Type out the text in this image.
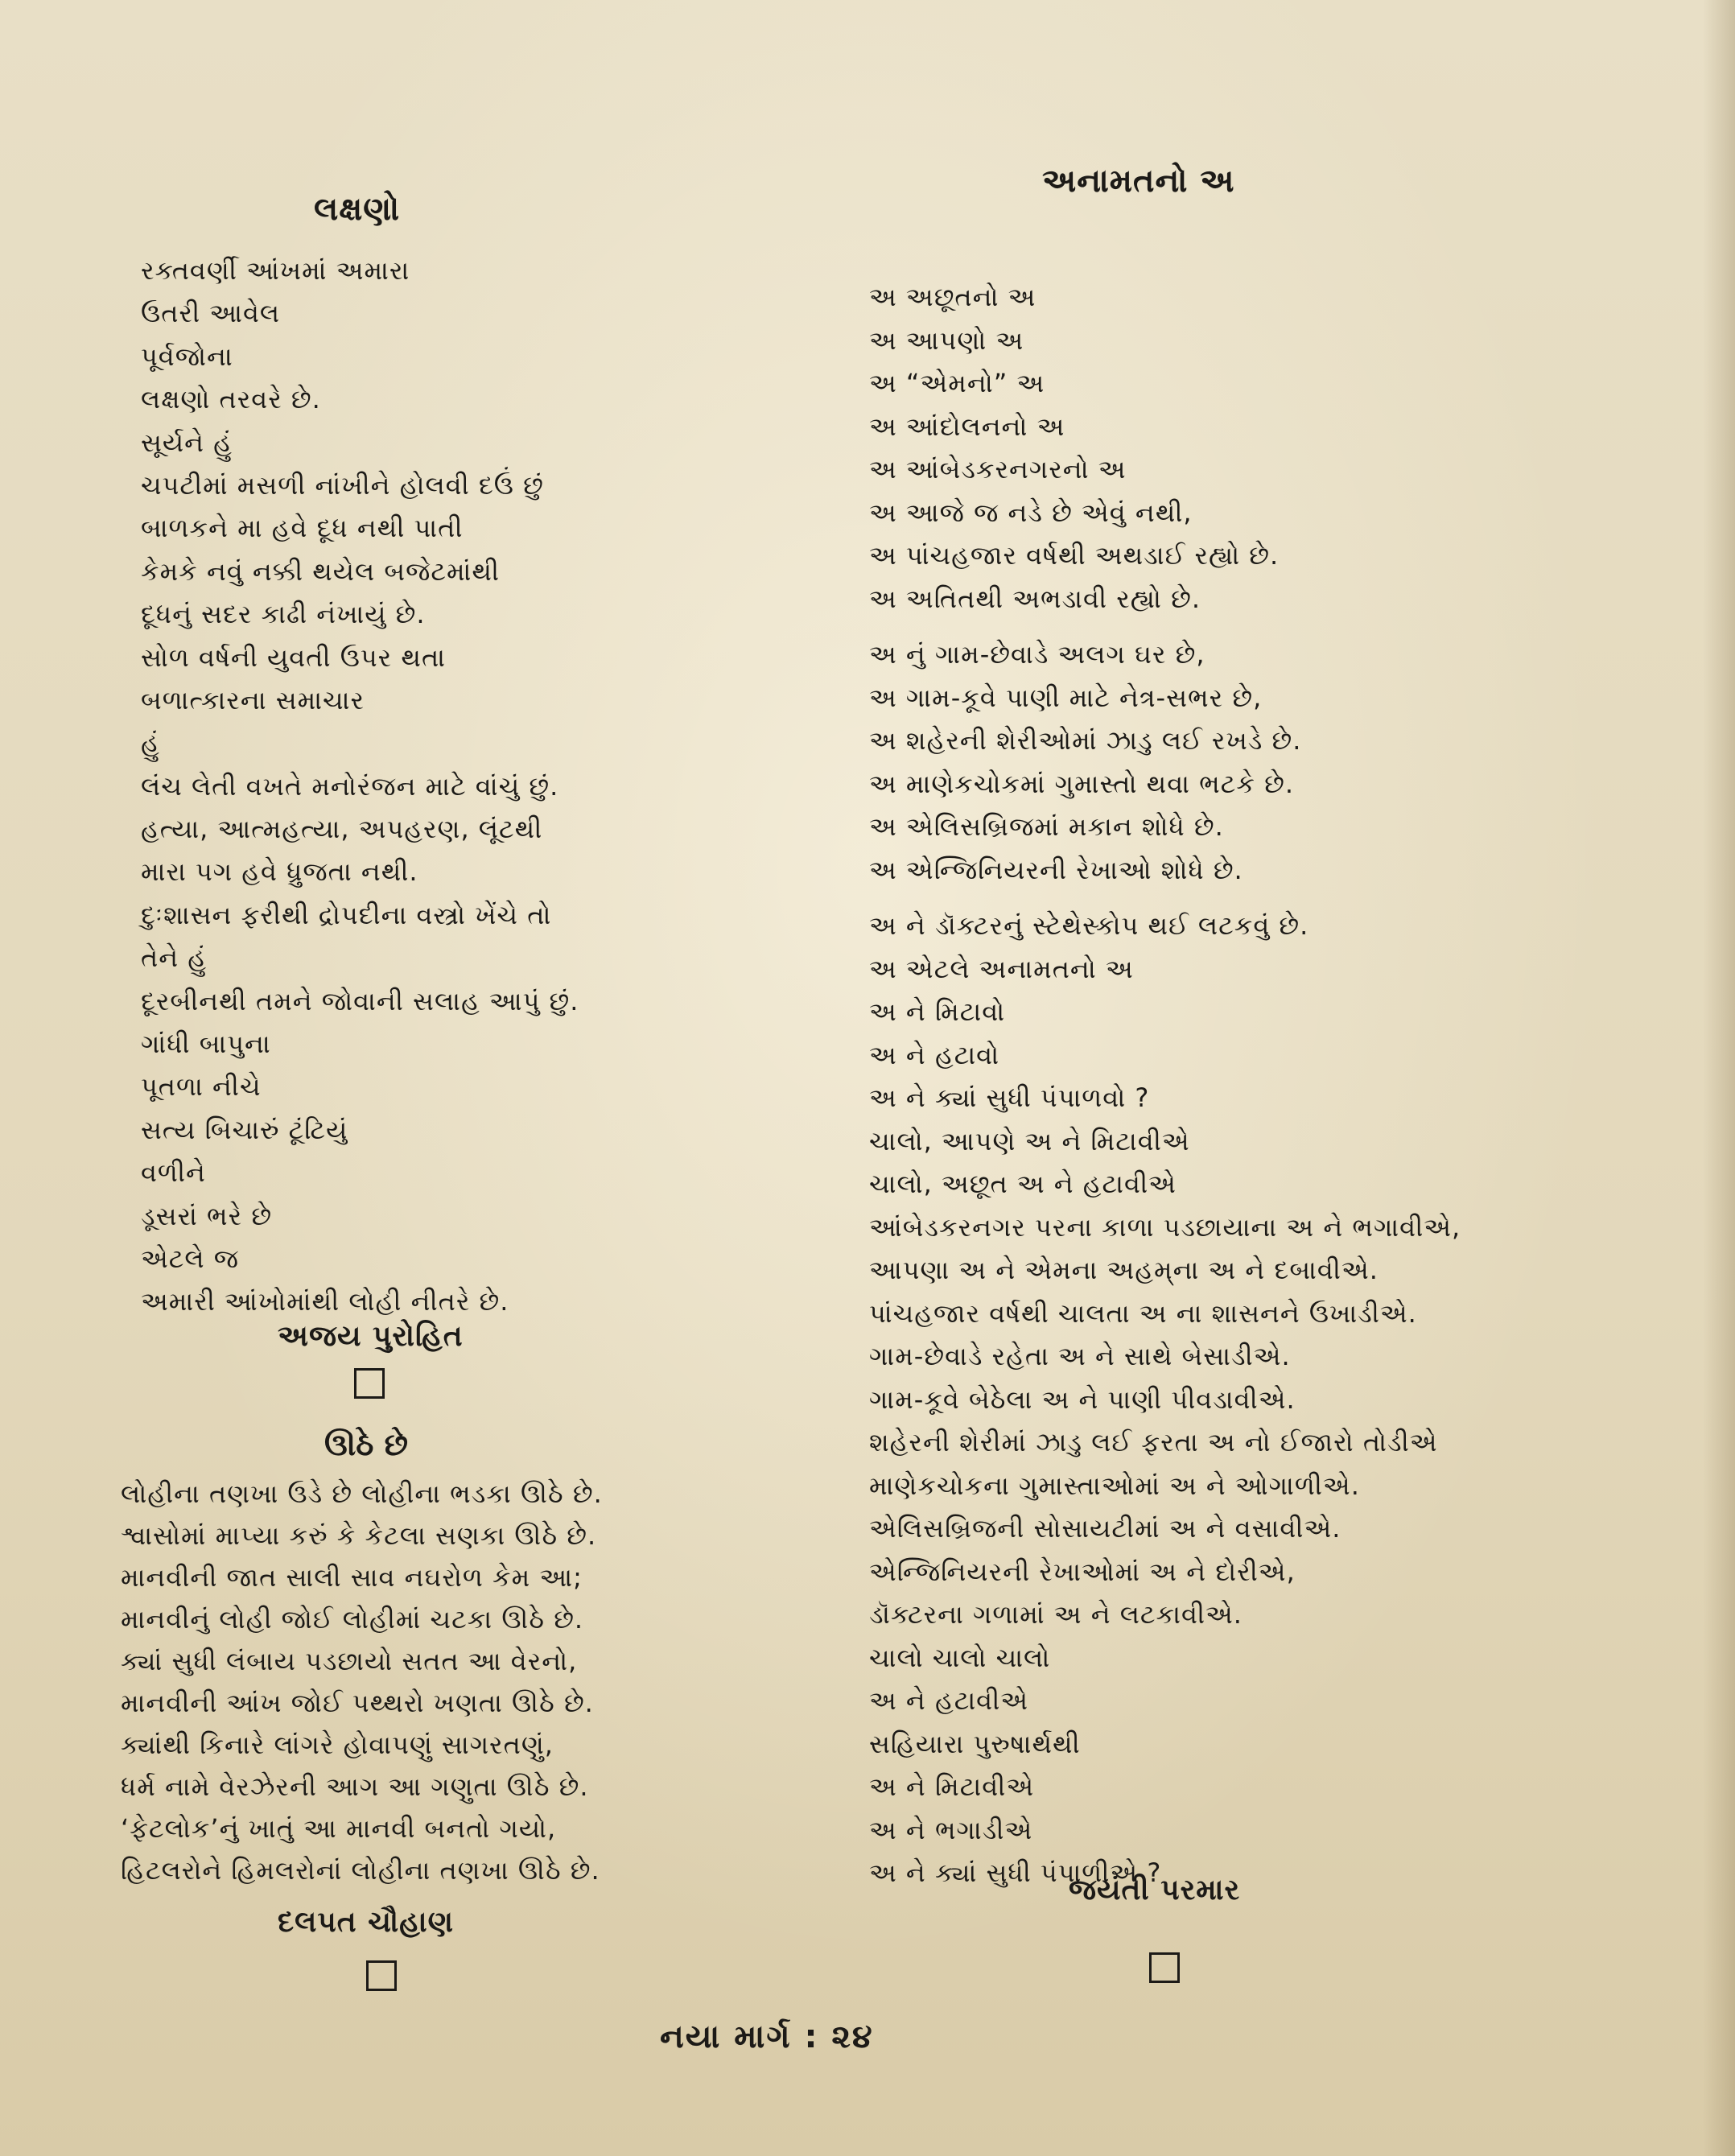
લક્ષણો
રક્તવર્ણી આંખમાં અમારા
ઉતરી આવેલ
પૂર્વજોના
લક્ષણો તરવરે છે.
સૂર્યને હું
ચપટીમાં મસળી નાંખીને હોલવી દઉં છું
બાળકને મા હવે દૂધ નથી પાતી
કેમકે નવું નક્કી થયેલ બજેટમાંથી
દૂધનું સદર કાઢી નંખાયું છે.
સોળ વર્ષની યુવતી ઉપર થતા
બળાત્કારના સમાચાર
હું
લંચ લેતી વખતે મનોરંજન માટે વાંચું છું.
હત્યા, આત્મહત્યા, અપહરણ, લૂંટથી
મારા પગ હવે ધ્રુજતા નથી.
દુઃશાસન ફરીથી દ્રોપદીના વસ્ત્રો ખેંચે તો
તેને હું
દૂરબીનથી તમને જોવાની સલાહ આપું છું.
ગાંધી બાપુના
પૂતળા નીચે
સત્ય બિચારું ટૂંટિયું
વળીને
ડૂસરાં ભરે છે
એટલે જ
અમારી આંખોમાંથી લોહી નીતરે છે.
અજય પુરોહિત
ઊઠે છે
લોહીના તણખા ઉડે છે લોહીના ભડકા ઊઠે છે.
શ્વાસોમાં માપ્યા કરું કે કેટલા સણકા ઊઠે છે.
માનવીની જાત સાલી સાવ નઘરોળ કેમ આ;
માનવીનું લોહી જોઈ લોહીમાં ચટકા ઊઠે છે.
ક્યાં સુધી લંબાય પડછાયો સતત આ વેરનો,
માનવીની આંખ જોઈ પથ્થરો ખણતા ઊઠે છે.
ક્યાંથી કિનારે લાંગરે હોવાપણું સાગરતણું,
ધર્મ નામે વેરઝેરની આગ આ ગણુતા ઊઠે છે.
‘ફેટલોક’નું ખાતું આ માનવી બનતો ગયો,
હિટલરોને હિમલરોનાં લોહીના તણખા ઊઠે છે.
દલપત ચૌહાણ
અનામતનો અ
અ અછૂતનો અ
અ આપણો અ
અ “એમનો” અ
અ આંદોલનનો અ
અ આંબેડકરનગરનો અ
અ આજે જ નડે છે એવું નથી,
અ પાંચહજાર વર્ષથી અથડાઈ રહ્યો છે.
અ અતિતથી અભડાવી રહ્યો છે.
અ નું ગામ-છેવાડે અલગ ઘર છે,
અ ગામ-કૂવે પાણી માટે નેત્ર-સભર છે,
અ શહેરની શેરીઓમાં ઝાડુ લઈ રખડે છે.
અ માણેકચોકમાં ગુમાસ્તો થવા ભટકે છે.
અ એલિસબ્રિજમાં મકાન શોધે છે.
અ એન્જિનિયરની રેખાઓ શોધે છે.
અ ને ડૉક્ટરનું સ્ટેથેસ્કોપ થઈ લટકવું છે.
અ એટલે અનામતનો અ
અ ને મિટાવો
અ ને હટાવો
અ ને ક્યાં સુધી પંપાળવો ?
ચાલો, આપણે અ ને મિટાવીએ
ચાલો, અછૂત અ ને હટાવીએ
આંબેડકરનગર પરના કાળા પડછાયાના અ ને ભગાવીએ,
આપણા અ ને એમના અહમ્‌ના અ ને દબાવીએ.
પાંચહજાર વર્ષથી ચાલતા અ ના શાસનને ઉખાડીએ.
ગામ-છેવાડે રહેતા અ ને સાથે બેસાડીએ.
ગામ-કૂવે બેઠેલા અ ને પાણી પીવડાવીએ.
શહેરની શેરીમાં ઝાડુ લઈ ફરતા અ નો ઈજારો તોડીએ
માણેકચોકના ગુમાસ્તાઓમાં અ ને ઓગાળીએ.
એલિસબ્રિજની સોસાયટીમાં અ ને વસાવીએ.
એન્જિનિયરની રેખાઓમાં અ ને દોરીએ,
ડૉક્ટરના ગળામાં અ ને લટકાવીએ.
ચાલો ચાલો ચાલો
અ ને હટાવીએ
સહિયારા પુરુષાર્થથી
અ ને મિટાવીએ
અ ને ભગાડીએ
અ ને ક્યાં સુધી પંપાળીએ ?
જયંતી પરમાર
નયા માર્ગ : ૨૪
